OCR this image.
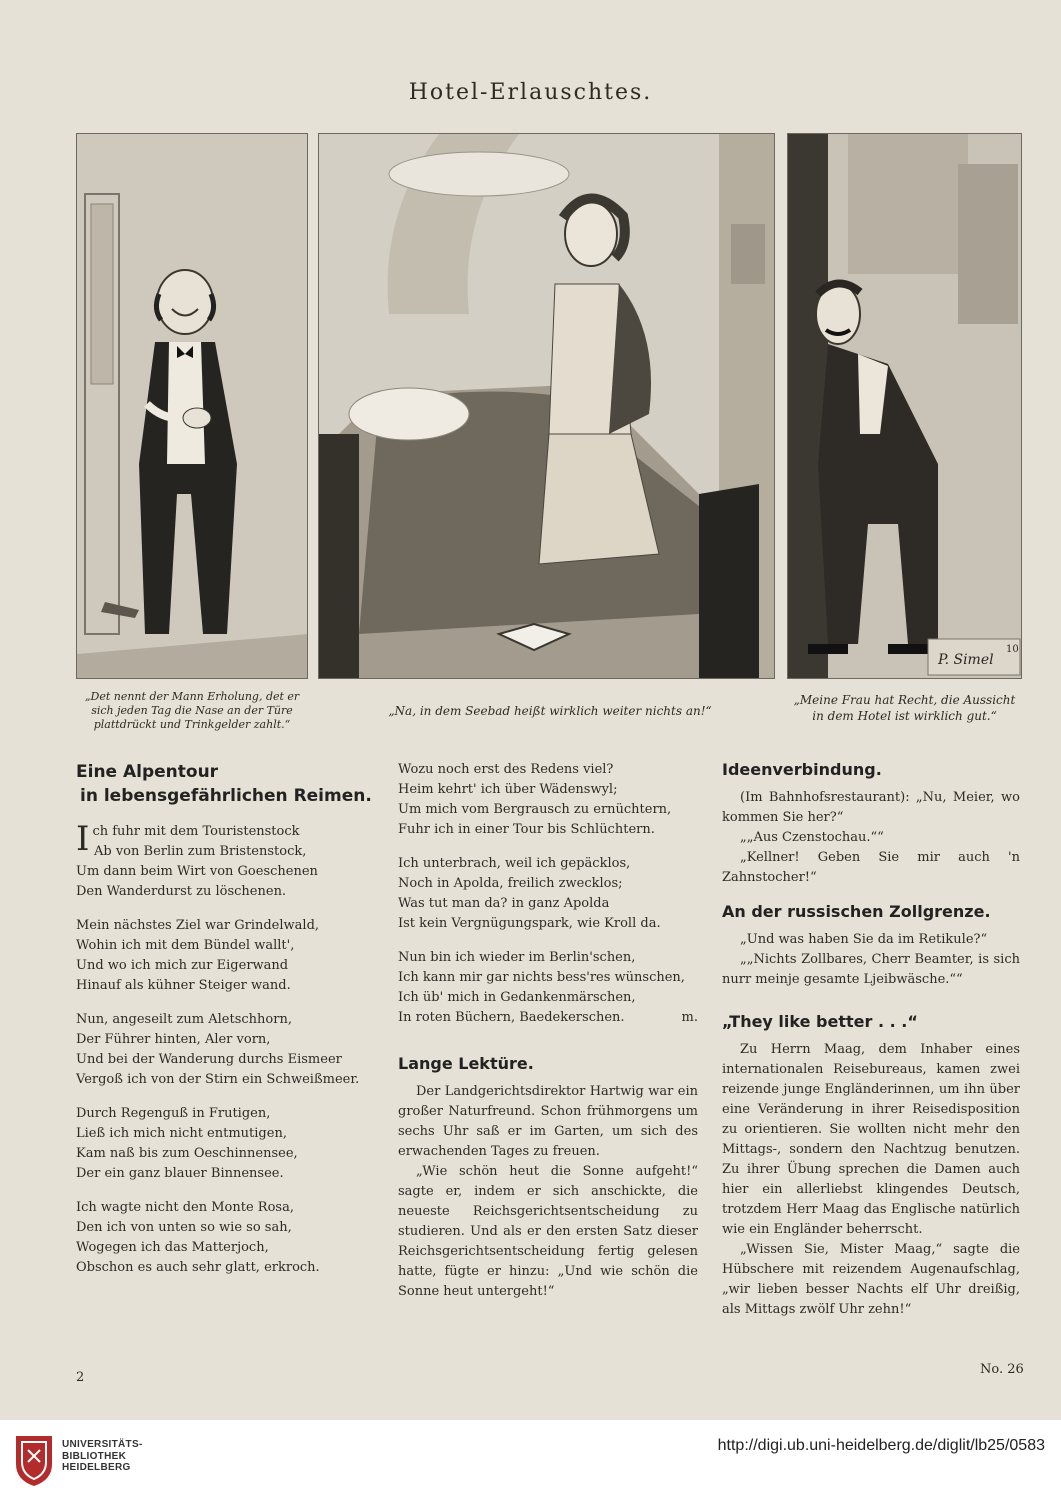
Hotel-Erlauschtes.
P. Simel
10
„Det nennt der Mann Erholung, det er sich jeden Tag die Nase an der Türe plattdrückt und Trinkgelder zahlt.“
„Na, in dem Seebad heißt wirklich weiter nichts an!“
„Meine Frau hat Recht, die Aussicht in dem Hotel ist wirklich gut.“
Eine Alpentour
in lebensgefährlichen Reimen.

Ich fuhr mit dem Touristenstock

Ab von Berlin zum Bristenstock,

Um dann beim Wirt von Goeschenen

Den Wanderdurst zu löschenen.

Mein nächstes Ziel war Grindelwald,

Wohin ich mit dem Bündel wallt',

Und wo ich mich zur Eigerwand

Hinauf als kühner Steiger wand.

Nun, angeseilt zum Aletschhorn,

Der Führer hinten, Aler vorn,

Und bei der Wanderung durchs Eismeer

Vergoß ich von der Stirn ein Schweißmeer.

Durch Regenguß in Frutigen,

Ließ ich mich nicht entmutigen,

Kam naß bis zum Oeschinnensee,

Der ein ganz blauer Binnensee.

Ich wagte nicht den Monte Rosa,

Den ich von unten so wie so sah,

Wogegen ich das Matterjoch,

Obschon es auch sehr glatt, erkroch.

Wozu noch erst des Redens viel?

Heim kehrt' ich über Wädenswyl;

Um mich vom Bergrausch zu ernüchtern,

Fuhr ich in einer Tour bis Schlüchtern.

Ich unterbrach, weil ich gepäcklos,

Noch in Apolda, freilich zwecklos;

Was tut man da? in ganz Apolda

Ist kein Vergnügungspark, wie Kroll da.

Nun bin ich wieder im Berlin'schen,

Ich kann mir gar nichts bess'res wünschen,

Ich üb' mich in Gedankenmärschen,

In roten Büchern, Baedekerschen.	m.

Lange Lektüre.

Der Landgerichtsdirektor Hartwig war ein großer Naturfreund. Schon frühmorgens um sechs Uhr saß er im Garten, um sich des erwachenden Tages zu freuen.

„Wie schön heut die Sonne aufgeht!“ sagte er, indem er sich anschickte, die neueste Reichsgerichtsentscheidung zu studieren. Und als er den ersten Satz dieser Reichsgerichtsentscheidung fertig gelesen hatte, fügte er hinzu: „Und wie schön die Sonne heut untergeht!“

Ideenverbindung.

(Im Bahnhofsrestaurant): „Nu, Meier, wo kommen Sie her?“

„„Aus Czenstochau.““

„Kellner! Geben Sie mir auch 'n Zahnstocher!“

An der russischen Zollgrenze.

„Und was haben Sie da im Retikule?“

„„Nichts Zollbares, Cherr Beamter, is sich nurr meinje gesamte Ljeibwäsche.““

„They like better . . .“

Zu Herrn Maag, dem Inhaber eines internationalen Reisebureaus, kamen zwei reizende junge Engländerinnen, um ihn über eine Veränderung in ihrer Reisedisposition zu orientieren. Sie wollten nicht mehr den Mittags-, sondern den Nachtzug benutzen. Zu ihrer Übung sprechen die Damen auch hier ein allerliebst klingendes Deutsch, trotzdem Herr Maag das Englische natürlich wie ein Engländer beherrscht.

„Wissen Sie, Mister Maag,“ sagte die Hübschere mit reizendem Augenaufschlag, „wir lieben besser Nachts elf Uhr dreißig, als Mittags zwölf Uhr zehn!“

2
No. 26
UNIVERSITÄTS-
BIBLIOTHEK
HEIDELBERG
http://digi.ub.uni-heidelberg.de/diglit/lb25/0583
